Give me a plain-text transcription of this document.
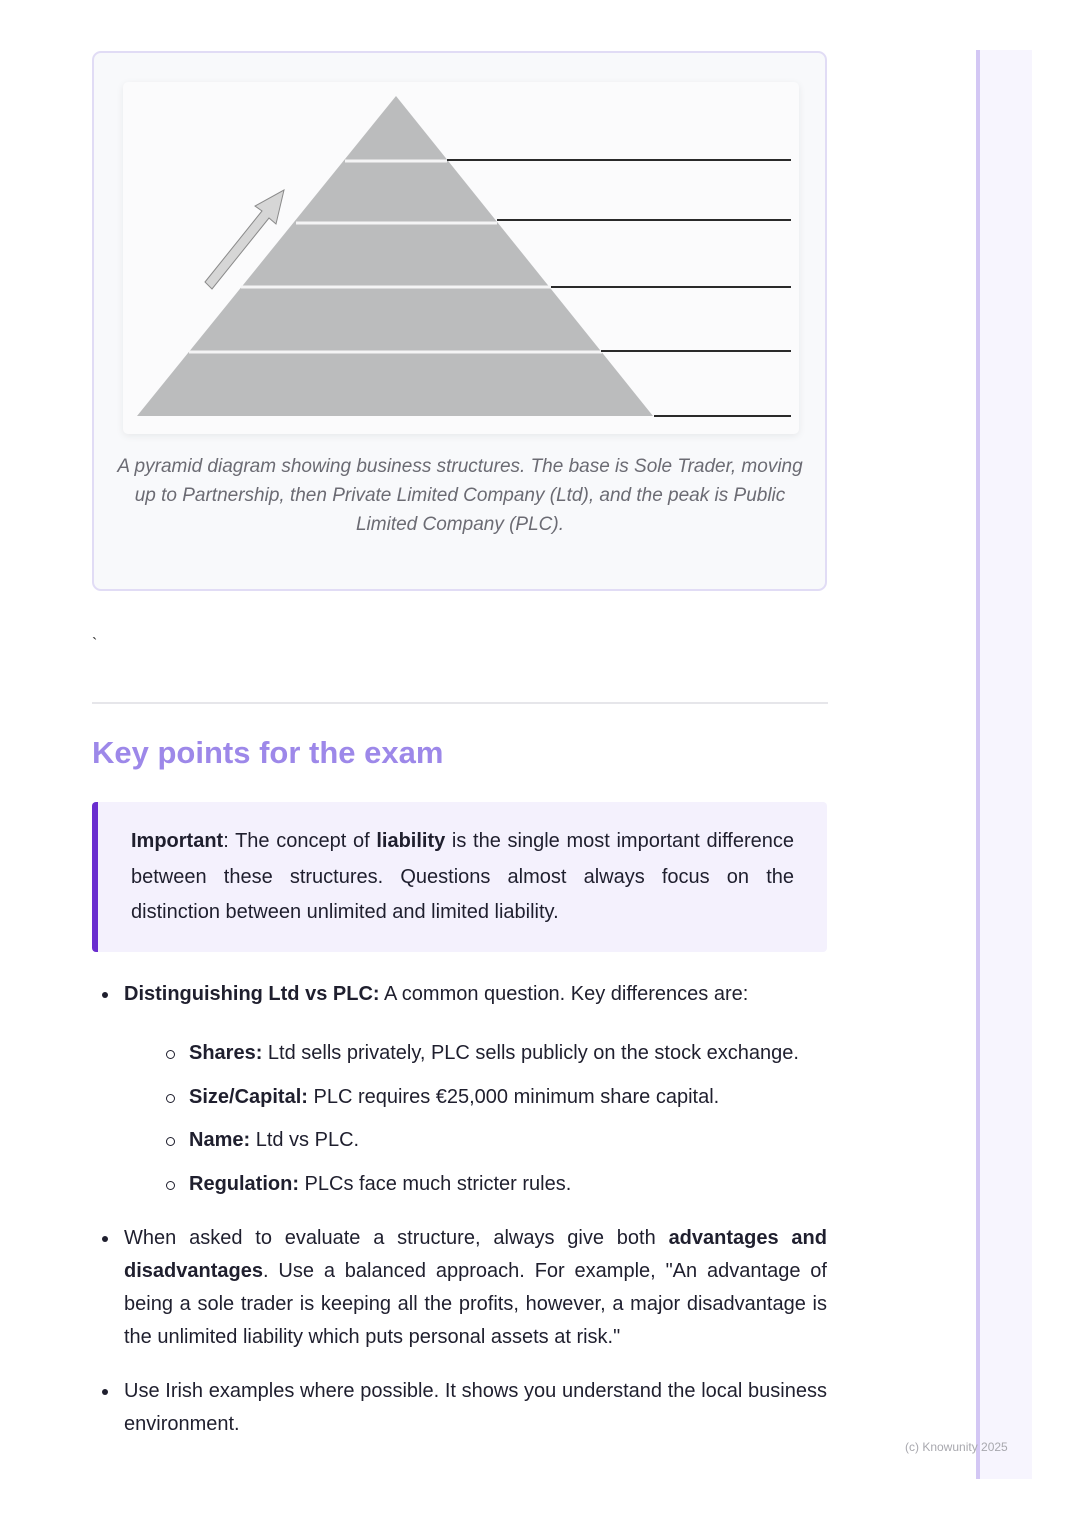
A pyramid diagram showing business structures. The base is Sole Trader, moving up to Partnership, then Private Limited Company (Ltd), and the peak is Public Limited Company (PLC).
`
Key points for the exam
Important: The concept of liability is the single most important difference between these structures. Questions almost always focus on the distinction between unlimited and limited liability.
Distinguishing Ltd vs PLC: A common question. Key differences are:
Shares: Ltd sells privately, PLC sells publicly on the stock exchange.
Size/Capital: PLC requires €25,000 minimum share capital.
Name: Ltd vs PLC.
Regulation: PLCs face much stricter rules.
When asked to evaluate a structure, always give both advantages and disadvantages. Use a balanced approach. For example, "An advantage of being a sole trader is keeping all the profits, however, a major disadvantage is the unlimited liability which puts personal assets at risk."
Use Irish examples where possible. It shows you understand the local business environment.
(c) Knowunity 2025
